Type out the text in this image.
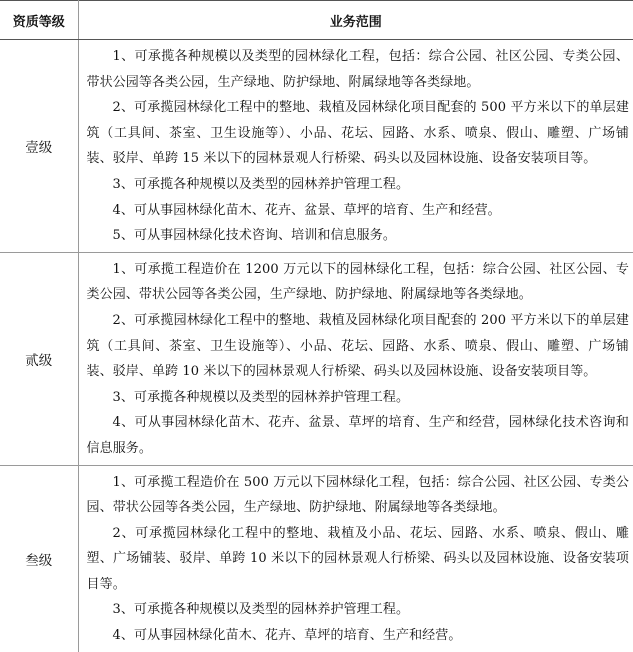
资质等级	业务范围
壹级	1、可承揽各种规模以及类型的园林绿化工程，包括：综合公园、社区公园、专类公园、带状公园等各类公园，生产绿地、防护绿地、附属绿地等各类绿地。

2、可承揽园林绿化工程中的整地、栽植及园林绿化项目配套的 500 平方米以下的单层建筑（工具间、茶室、卫生设施等）、小品、花坛、园路、水系、喷泉、假山、雕塑、广场铺装、驳岸、单跨 15 米以下的园林景观人行桥梁、码头以及园林设施、设备安装项目等。

3、可承揽各种规模以及类型的园林养护管理工程。

4、可从事园林绿化苗木、花卉、盆景、草坪的培育、生产和经营。

5、可从事园林绿化技术咨询、培训和信息服务。

贰级	1、可承揽工程造价在 1200 万元以下的园林绿化工程，包括：综合公园、社区公园、专类公园、带状公园等各类公园，生产绿地、防护绿地、附属绿地等各类绿地。

2、可承揽园林绿化工程中的整地、栽植及园林绿化项目配套的 200 平方米以下的单层建筑（工具间、茶室、卫生设施等）、小品、花坛、园路、水系、喷泉、假山、雕塑、广场铺装、驳岸、单跨 10 米以下的园林景观人行桥梁、码头以及园林设施、设备安装项目等。

3、可承揽各种规模以及类型的园林养护管理工程。

4、可从事园林绿化苗木、花卉、盆景、草坪的培育、生产和经营，园林绿化技术咨询和信息服务。

叁级	1、可承揽工程造价在 500 万元以下园林绿化工程，包括：综合公园、社区公园、专类公园、带状公园等各类公园，生产绿地、防护绿地、附属绿地等各类绿地。

2、可承揽园林绿化工程中的整地、栽植及小品、花坛、园路、水系、喷泉、假山、雕塑、广场铺装、驳岸、单跨 10 米以下的园林景观人行桥梁、码头以及园林设施、设备安装项目等。

3、可承揽各种规模以及类型的园林养护管理工程。

4、可从事园林绿化苗木、花卉、草坪的培育、生产和经营。
